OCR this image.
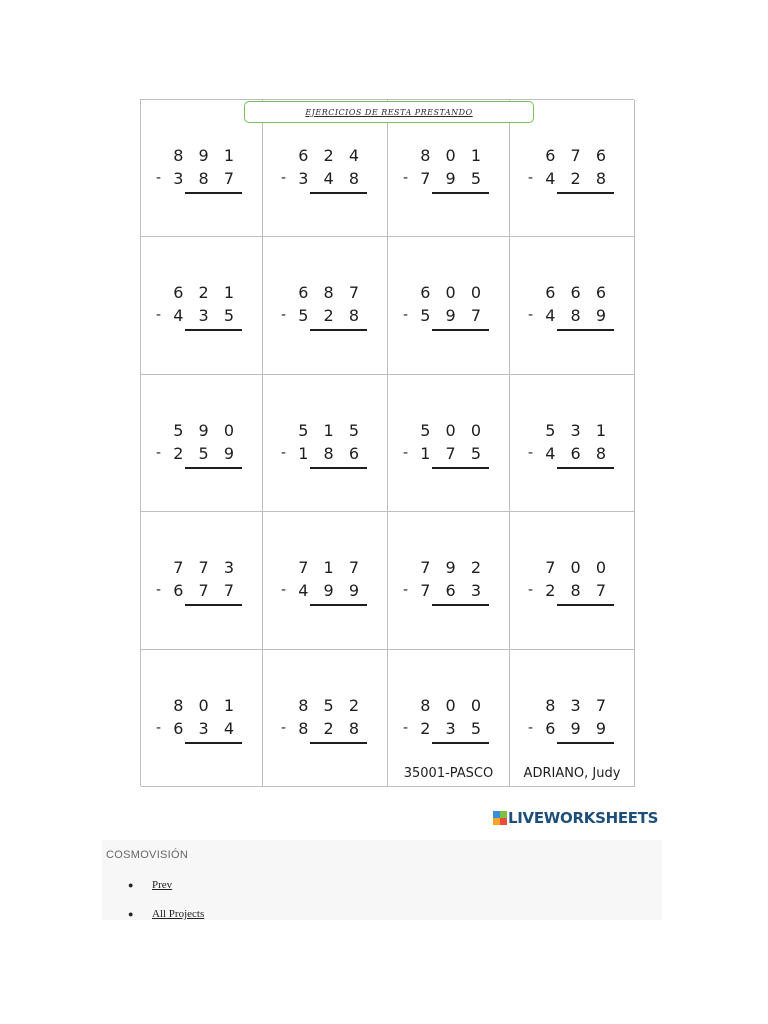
8 9 1
- 3 8 7
6 2 4
- 3 4 8
8 0 1
- 7 9 5
6 7 6
- 4 2 8
6 2 1
- 4 3 5
6 8 7
- 5 2 8
6 0 0
- 5 9 7
6 6 6
- 4 8 9
5 9 0
- 2 5 9
5 1 5
- 1 8 6
5 0 0
- 1 7 5
5 3 1
- 4 6 8
7 7 3
- 6 7 7
7 1 7
- 4 9 9
7 9 2
- 7 6 3
7 0 0
- 2 8 7
8 0 1
- 6 3 4
8 5 2
- 8 2 8
8 0 0
- 2 3 5
35001-PASCO
8 3 7
- 6 9 9
ADRIANO, Judy
EJERCICIOS DE RESTA PRESTANDO
LIVEWORKSHEETS
COSMOVISIÓN
● Prev
● All Projects
